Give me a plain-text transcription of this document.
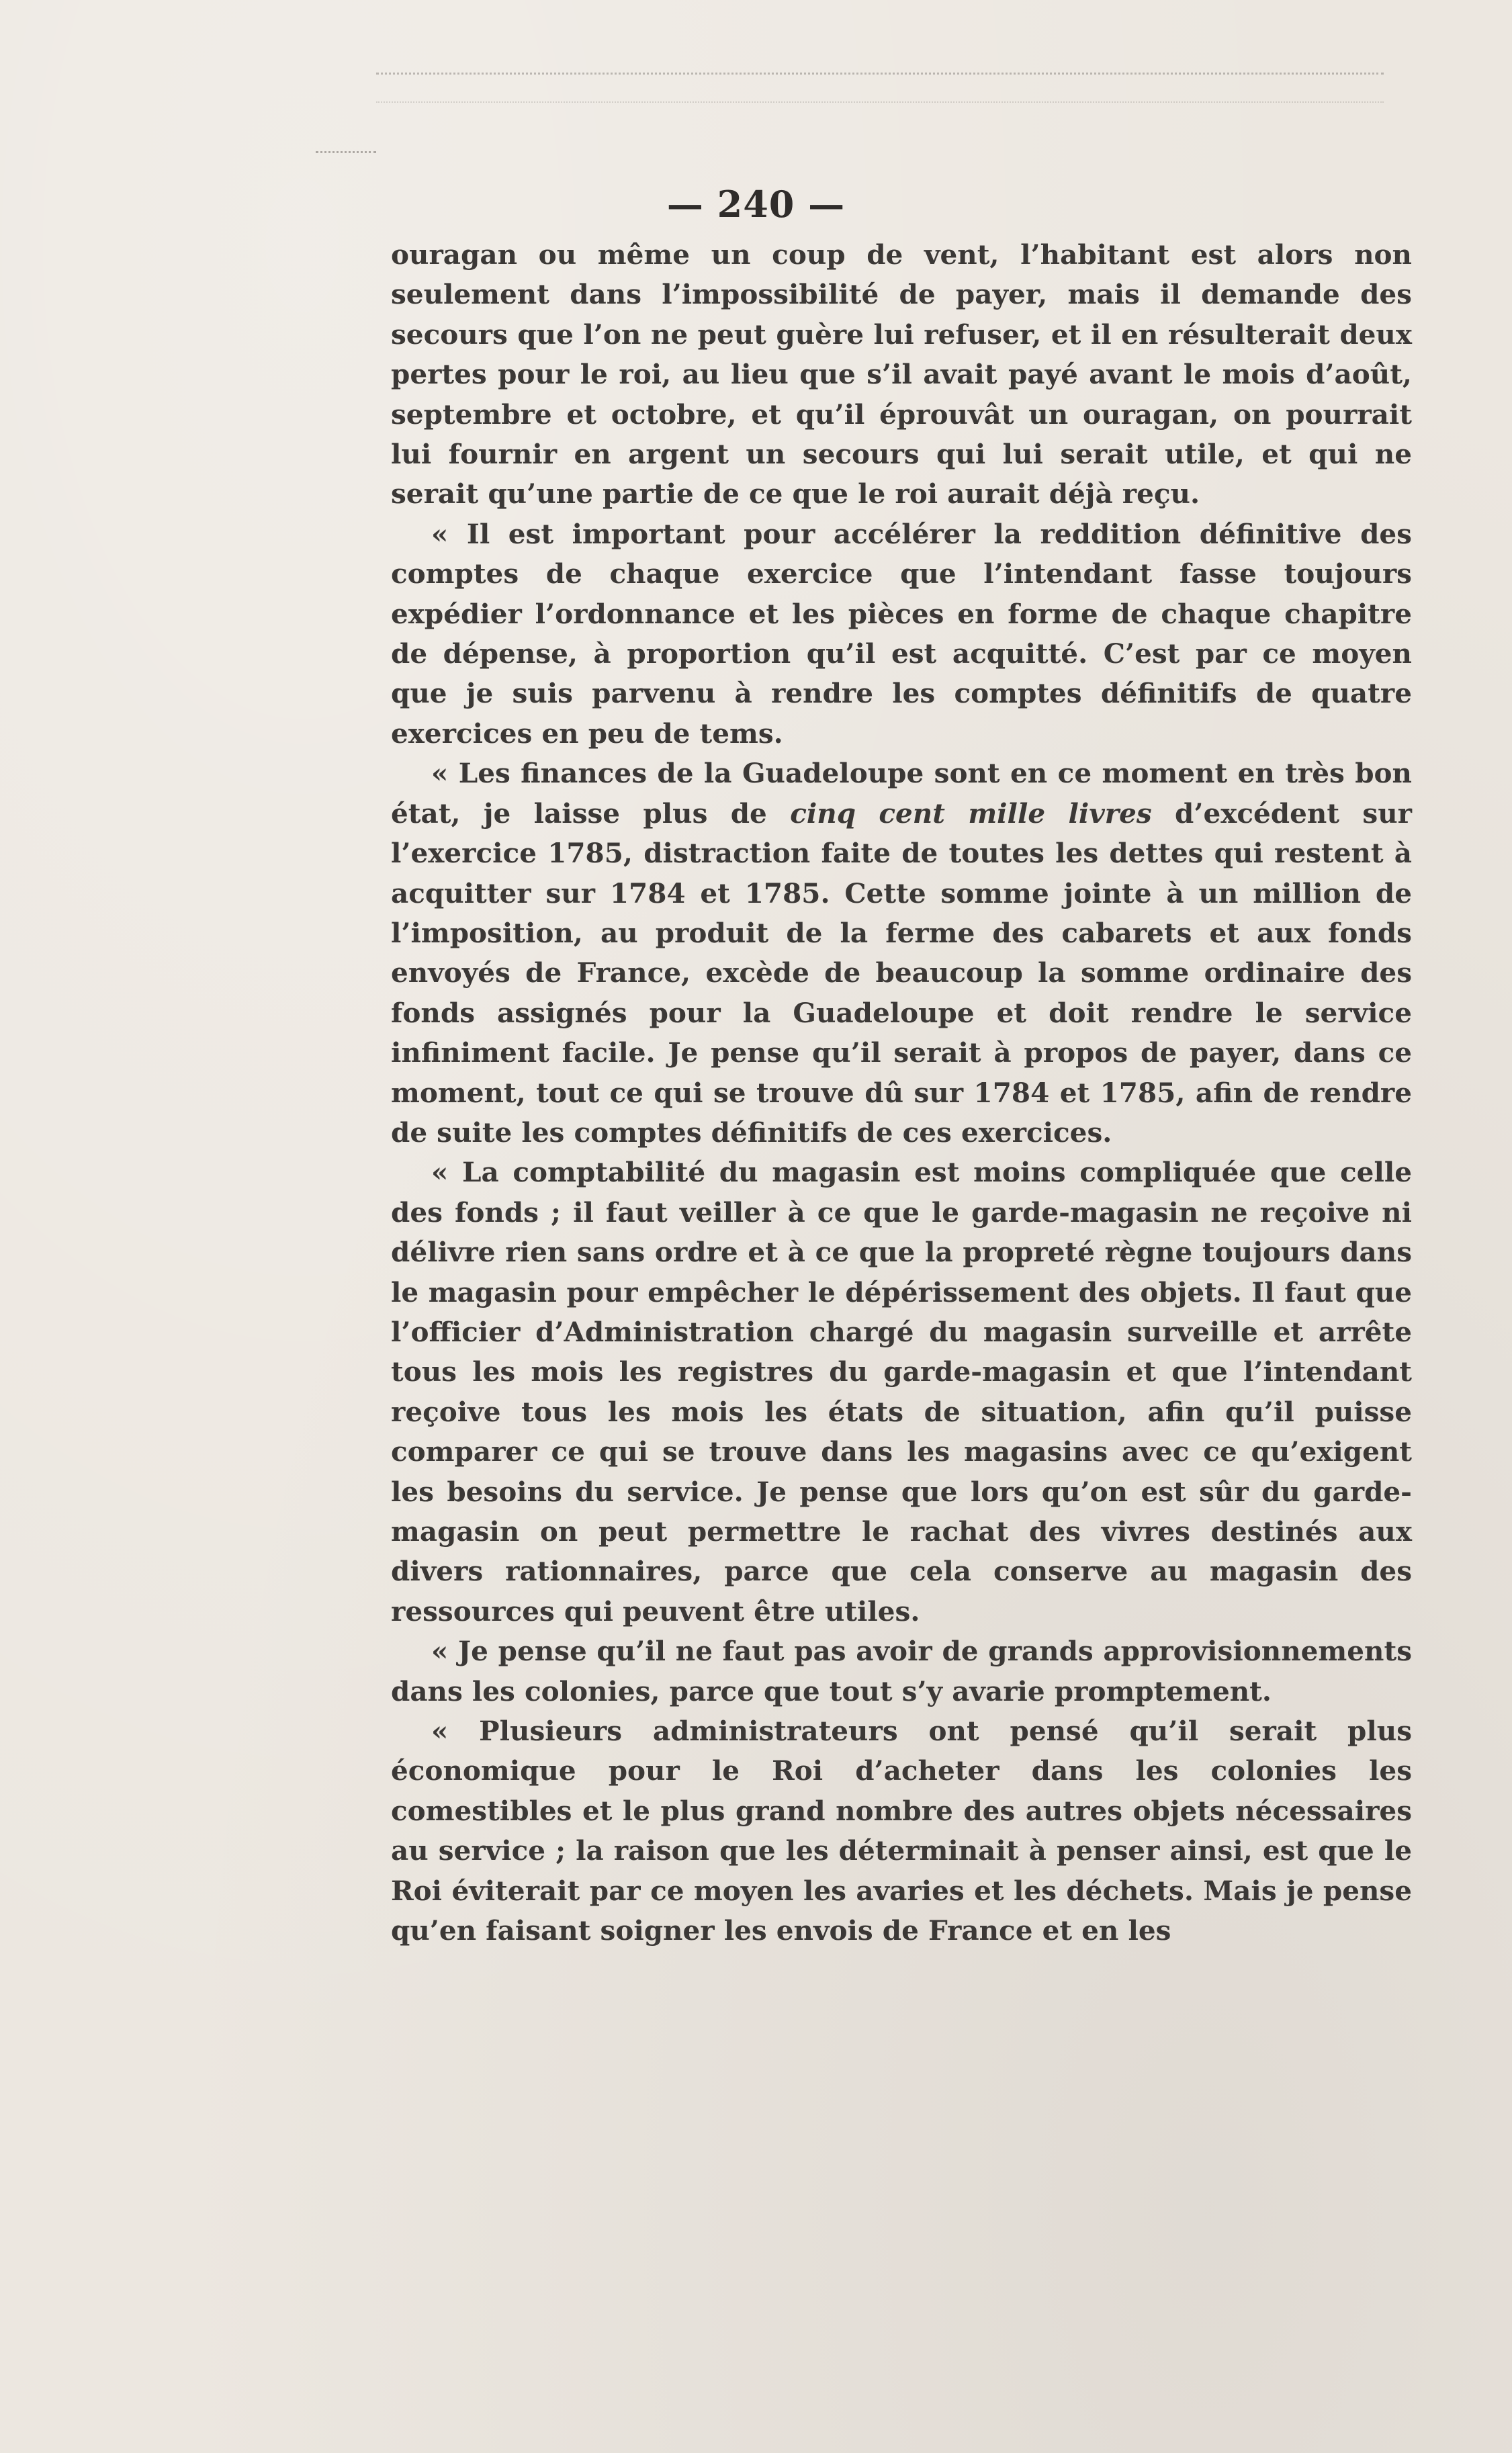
— 240 —

ouragan ou même un coup de vent, l’habitant est alors non seulement dans l’impossibilité de payer, mais il demande des secours que l’on ne peut guère lui refuser, et il en résulterait deux pertes pour le roi, au lieu que s’il avait payé avant le mois d’août, septembre et octobre, et qu’il éprouvât un ouragan, on pourrait lui fournir en argent un secours qui lui serait utile, et qui ne serait qu’une partie de ce que le roi aurait déjà reçu.

« Il est important pour accélérer la reddition définitive des comptes de chaque exercice que l’intendant fasse toujours expédier l’ordonnance et les pièces en forme de chaque chapitre de dépense, à proportion qu’il est acquitté. C’est par ce moyen que je suis parvenu à rendre les comptes définitifs de quatre exercices en peu de tems.

« Les finances de la Guadeloupe sont en ce moment en très bon état, je laisse plus de cinq cent mille livres d’excédent sur l’exercice 1785, distraction faite de toutes les dettes qui restent à acquitter sur 1784 et 1785. Cette somme jointe à un million de l’imposition, au produit de la ferme des cabarets et aux fonds envoyés de France, excède de beaucoup la somme ordinaire des fonds assignés pour la Guadeloupe et doit rendre le service infiniment facile. Je pense qu’il serait à propos de payer, dans ce moment, tout ce qui se trouve dû sur 1784 et 1785, afin de rendre de suite les comptes définitifs de ces exercices.

« La comptabilité du magasin est moins compliquée que celle des fonds ; il faut veiller à ce que le garde-magasin ne reçoive ni délivre rien sans ordre et à ce que la propreté règne toujours dans le magasin pour empêcher le dépérissement des objets. Il faut que l’officier d’Administration chargé du magasin surveille et arrête tous les mois les registres du garde-magasin et que l’intendant reçoive tous les mois les états de situation, afin qu’il puisse comparer ce qui se trouve dans les magasins avec ce qu’exigent les besoins du service. Je pense que lors qu’on est sûr du garde-magasin on peut permettre le rachat des vivres destinés aux divers rationnaires, parce que cela conserve au magasin des ressources qui peuvent être utiles.

« Je pense qu’il ne faut pas avoir de grands approvisionnements dans les colonies, parce que tout s’y avarie promptement.

« Plusieurs administrateurs ont pensé qu’il serait plus économique pour le Roi d’acheter dans les colonies les comestibles et le plus grand nombre des autres objets nécessaires au service ; la raison que les déterminait à penser ainsi, est que le Roi éviterait par ce moyen les avaries et les déchets. Mais je pense qu’en faisant soigner les envois de France et en les
